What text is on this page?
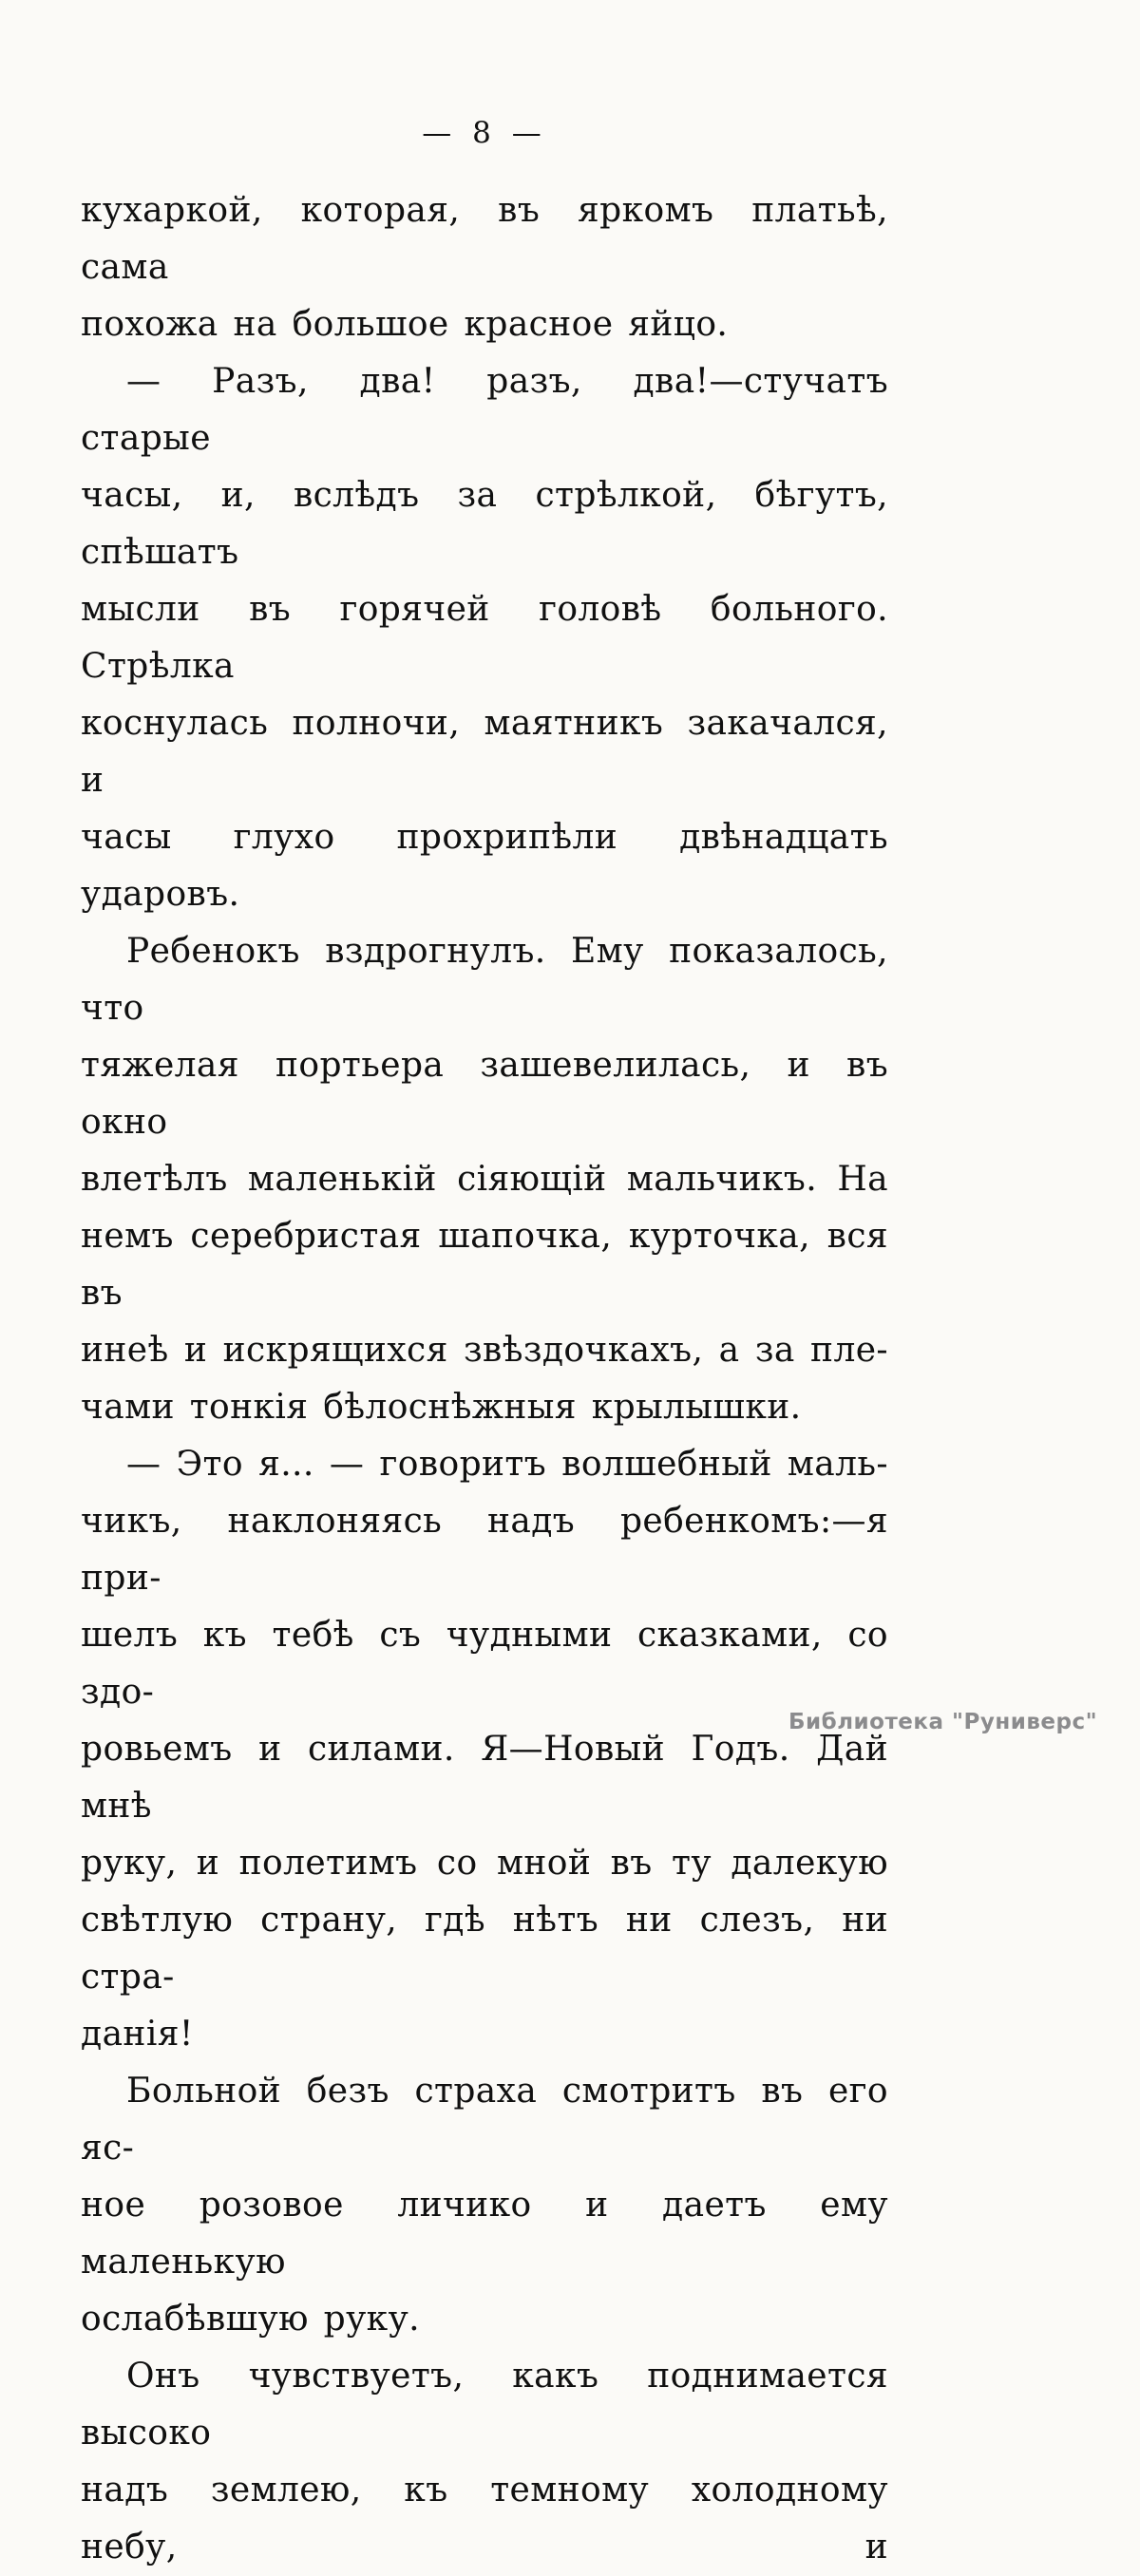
— 8 —
кухаркой, которая, въ яркомъ платьѣ, сама
похожа на большое красное яйцо.
— Разъ, два! разъ, два!—стучатъ старые
часы, и, вслѣдъ за стрѣлкой, бѣгутъ, спѣшатъ
мысли въ горячей головѣ больного. Стрѣлка
коснулась полночи, маятникъ закачался, и
часы глухо прохрипѣли двѣнадцать ударовъ.
Ребенокъ вздрогнулъ. Ему показалось, что
тяжелая портьера зашевелилась, и въ окно
влетѣлъ маленькій сіяющій мальчикъ. На
немъ серебристая шапочка, курточка, вся въ
инеѣ и искрящихся звѣздочкахъ, а за пле-
чами тонкія бѣлоснѣжныя крылышки.
— Это я... — говоритъ волшебный маль-
чикъ, наклоняясь надъ ребенкомъ:—я при-
шелъ къ тебѣ съ чудными сказками, со здо-
ровьемъ и силами. Я—Новый Годъ. Дай мнѣ
руку, и полетимъ со мной въ ту далекую
свѣтлую страну, гдѣ нѣтъ ни слезъ, ни стра-
данія!
Больной безъ страха смотритъ въ его яс-
ное розовое личико и даетъ ему маленькую
ослабѣвшую руку.
Онъ чувствуетъ, какъ поднимается высоко
надъ землею, къ темному холодному небу, и
Библиотека "Руниверс"
